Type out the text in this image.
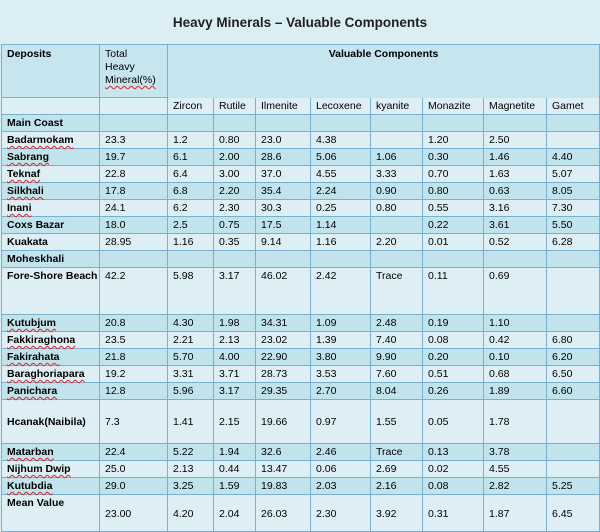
Heavy Minerals – Valuable Components
Deposits	Total
Heavy
Mineral(%)	Valuable Components							
		Zircon	Rutile	Ilmenite	Lecoxene	kyanite	Monazite	Magnetite	Gamet
Main Coast									
Badarmokam	23.3	1.2	0.80	23.0	4.38		1.20	2.50	
Sabrang	19.7	6.1	2.00	28.6	5.06	1.06	0.30	1.46	4.40
Teknaf	22.8	6.4	3.00	37.0	4.55	3.33	0.70	1.63	5.07
Silkhali	17.8	6.8	2.20	35.4	2.24	0.90	0.80	0.63	8.05
Inani	24.1	6.2	2.30	30.3	0.25	0.80	0.55	3.16	7.30
Coxs Bazar	18.0	2.5	0.75	17.5	1.14		0.22	3.61	5.50
Kuakata	28.95	1.16	0.35	9.14	1.16	2.20	0.01	0.52	6.28
Moheskhali									
Fore-Shore Beach	42.2	5.98	3.17	46.02	2.42	Trace	0.11	0.69	
Kutubjum	20.8	4.30	1.98	34.31	1.09	2.48	0.19	1.10	
Fakkiraghona	23.5	2.21	2.13	23.02	1.39	7.40	0.08	0.42	6.80
Fakirahata	21.8	5.70	4.00	22.90	3.80	9.90	0.20	0.10	6.20
Baraghoriapara	19.2	3.31	3.71	28.73	3.53	7.60	0.51	0.68	6.50
Panichara	12.8	5.96	3.17	29.35	2.70	8.04	0.26	1.89	6.60
Hcanak(Naibila)	7.3	1.41	2.15	19.66	0.97	1.55	0.05	1.78	
Matarban	22.4	5.22	1.94	32.6	2.46	Trace	0.13	3.78	
Nijhum Dwip	25.0	2.13	0.44	13.47	0.06	2.69	0.02	4.55	
Kutubdia	29.0	3.25	1.59	19.83	2.03	2.16	0.08	2.82	5.25
Mean Value	23.00	4.20	2.04	26.03	2.30	3.92	0.31	1.87	6.45
